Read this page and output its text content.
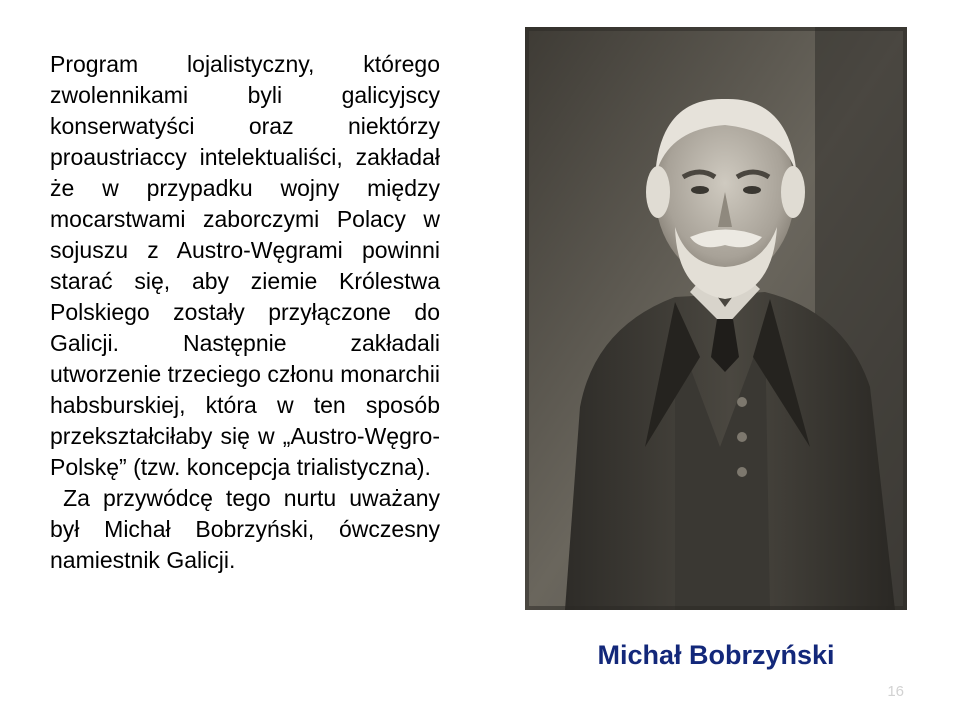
Program lojalistyczny, którego zwolennikami byli galicyjscy konserwatyści oraz niektórzy proaustriaccy intelektualiści, zakładał że w przypadku wojny między mocarstwami zaborczymi Polacy w sojuszu z Austro-Węgrami powinni starać się, aby ziemie Królestwa Polskiego zostały przyłączone do Galicji. Następnie zakładali utworzenie trzeciego członu monarchii habsburskiej, która w ten sposób przekształciłaby się w „Austro-Węgro-Polskę” (tzw. koncepcja trialistyczna).

Za przywódcę tego nurtu uważany był Michał Bobrzyński, ówczesny namiestnik Galicji.

Michał Bobrzyński
16
